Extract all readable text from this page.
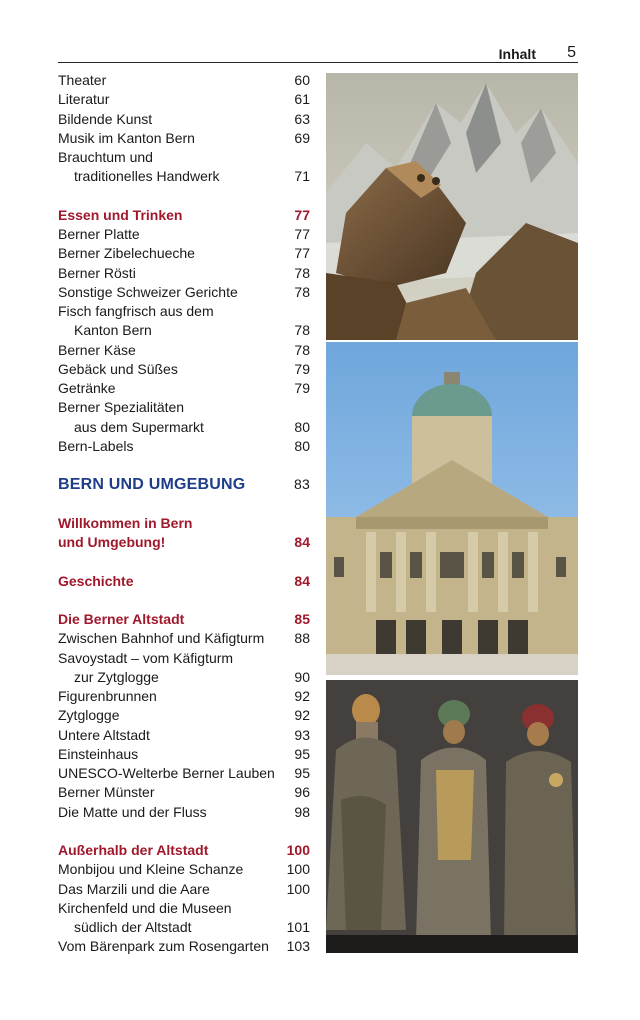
Inhalt 5
Theater	60
Literatur	61
Bildende Kunst	63
Musik im Kanton Bern	69
Brauchtum und
traditionelles Handwerk	71
Essen und Trinken	77
Berner Platte	77
Berner Zibelechueche	77
Berner Rösti	78
Sonstige Schweizer Gerichte	78
Fisch fangfrisch aus dem
Kanton Bern	78
Berner Käse	78
Gebäck und Süßes	79
Getränke	79
Berner Spezialitäten
aus dem Supermarkt	80
Bern-Labels	80
BERN UND UMGEBUNG	83
Willkommen in Bern
und Umgebung!	84
Geschichte	84
Die Berner Altstadt	85
Zwischen Bahnhof und Käfigturm 88
Savoystadt – vom Käfigturm
zur Zytglogge	90
Figurenbrunnen	92
Zytglogge	92
Untere Altstadt	93
Einsteinhaus	95
UNESCO-Welterbe Berner Lauben 95
Berner Münster	96
Die Matte und der Fluss	98
Außerhalb der Altstadt	100
Monbijou und Kleine Schanze	100
Das Marzili und die Aare	100
Kirchenfeld und die Museen
südlich der Altstadt	101
Vom Bärenpark zum Rosengarten 103
